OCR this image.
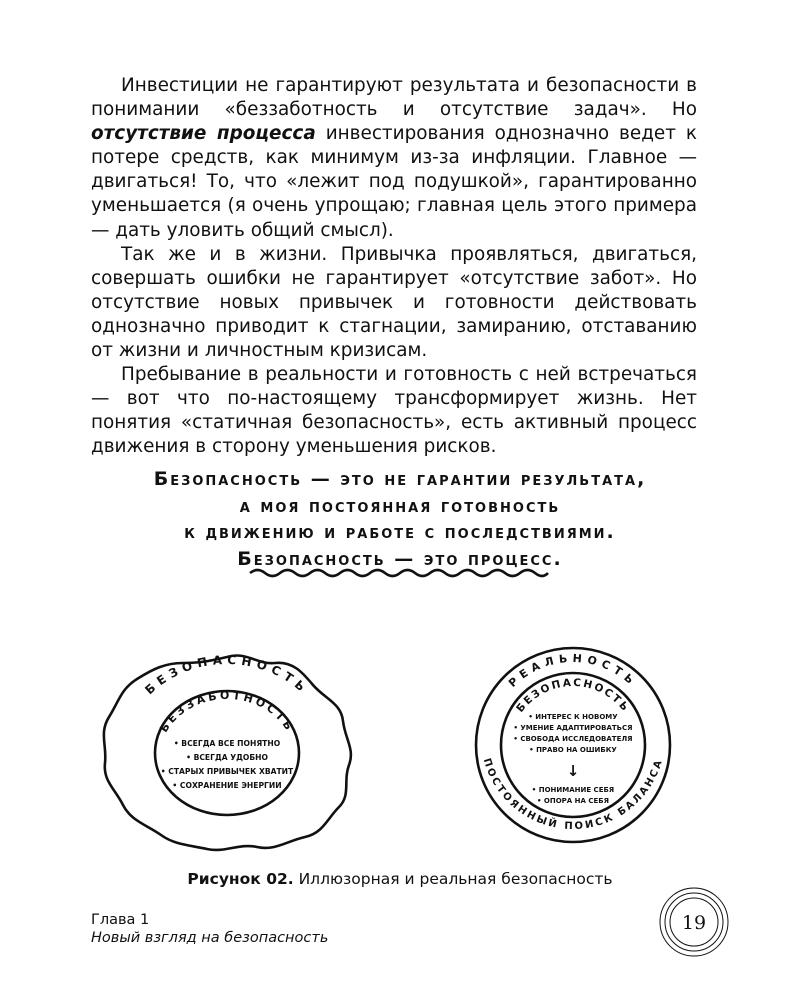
Инвестиции не гарантируют результата и безопасности в понимании «беззаботность и отсутствие задач». Но отсутствие процесса инвестирования однозначно ведет к потере средств, как минимум из-за инфляции. Главное — двигаться! То, что «лежит под подушкой», гарантированно уменьшается (я очень упрощаю; главная цель этого примера — дать уловить общий смысл).

Так же и в жизни. Привычка проявляться, двигаться, совершать ошибки не гарантирует «отсутствие забот». Но отсутствие новых привычек и готовности действовать однозначно приводит к стагнации, замиранию, отставанию от жизни и личностным кризисам.

Пребывание в реальности и готовность с ней встречаться — вот что по-настоящему трансформирует жизнь. Нет понятия «статичная безопасность», есть активный процесс движения в сторону уменьшения рисков.

Безопасность — это не гарантии результата,
а моя постоянная готовность
к движению и работе с последствиями.
Безопасность — это процесс.
БЕЗОПАСНОСТЬ
БЕЗЗАБОТНОСТЬ
• ВСЕГДА ВСЕ ПОНЯТНО
• ВСЕГДА УДОБНО
• СТАРЫХ ПРИВЫЧЕК ХВАТИТ
• СОХРАНЕНИЕ ЭНЕРГИИ
РЕАЛЬНОСТЬ
ПОСТОЯННЫЙ ПОИСК БАЛАНСА
БЕЗОПАСНОСТЬ
• ИНТЕРЕС К НОВОМУ
• УМЕНИЕ АДАПТИРОВАТЬСЯ
• СВОБОДА ИССЛЕДОВАТЕЛЯ
• ПРАВО НА ОШИБКУ
↓
• ПОНИМАНИЕ СЕБЯ
• ОПОРА НА СЕБЯ
Рисунок 02. Иллюзорная и реальная безопасность
Глава 1
Новый взгляд на безопасность
19
